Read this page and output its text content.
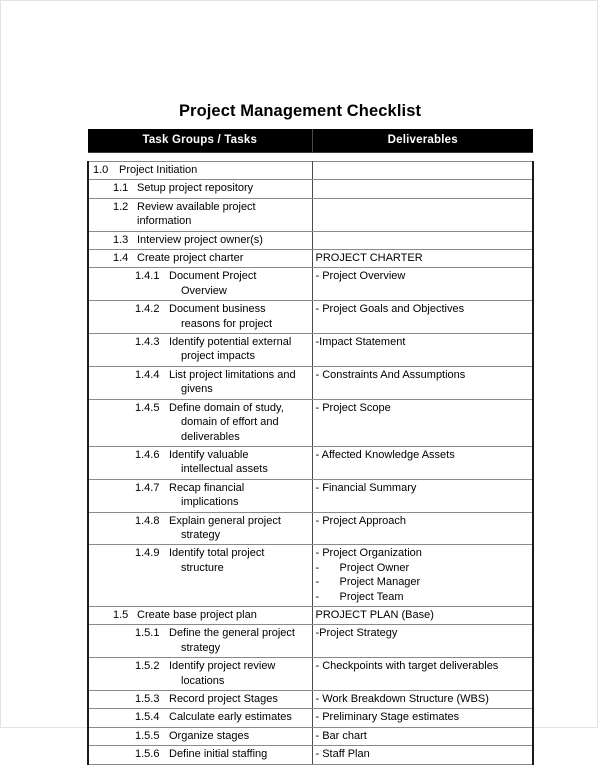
Project Management Checklist
Task Groups / Tasks	Deliverables

1.0 Project Initiation	
1.1 Setup project repository	
1.2 Review available project
information	

1.3 Interview project owner(s)	
1.4 Create project charter	PROJECT CHARTER
1.4.1 Document Project
Overview	- Project Overview
1.4.2 Document business
reasons for project	- Project Goals and Objectives
1.4.3 Identify potential external
project impacts	-Impact Statement
1.4.4 List project limitations and
givens	- Constraints And Assumptions
1.4.5 Define domain of study,
domain of effort and
deliverables	- Project Scope
1.4.6 Identify valuable
intellectual assets	- Affected Knowledge Assets
1.4.7 Recap financial
implications	- Financial Summary
1.4.8 Explain general project
strategy	- Project Approach
1.4.9 Identify total project
structure
	- Project Organization
- Project Owner
- Project Manager
- Project Team

1.5 Create base project plan	PROJECT PLAN (Base)
1.5.1 Define the general project
strategy	-Project Strategy
1.5.2 Identify project review
locations	- Checkpoints with target deliverables
1.5.3 Record project Stages	- Work Breakdown Structure (WBS)
1.5.4 Calculate early estimates	- Preliminary Stage estimates
1.5.5 Organize stages	- Bar chart
1.5.6 Define initial staffing	- Staff Plan
